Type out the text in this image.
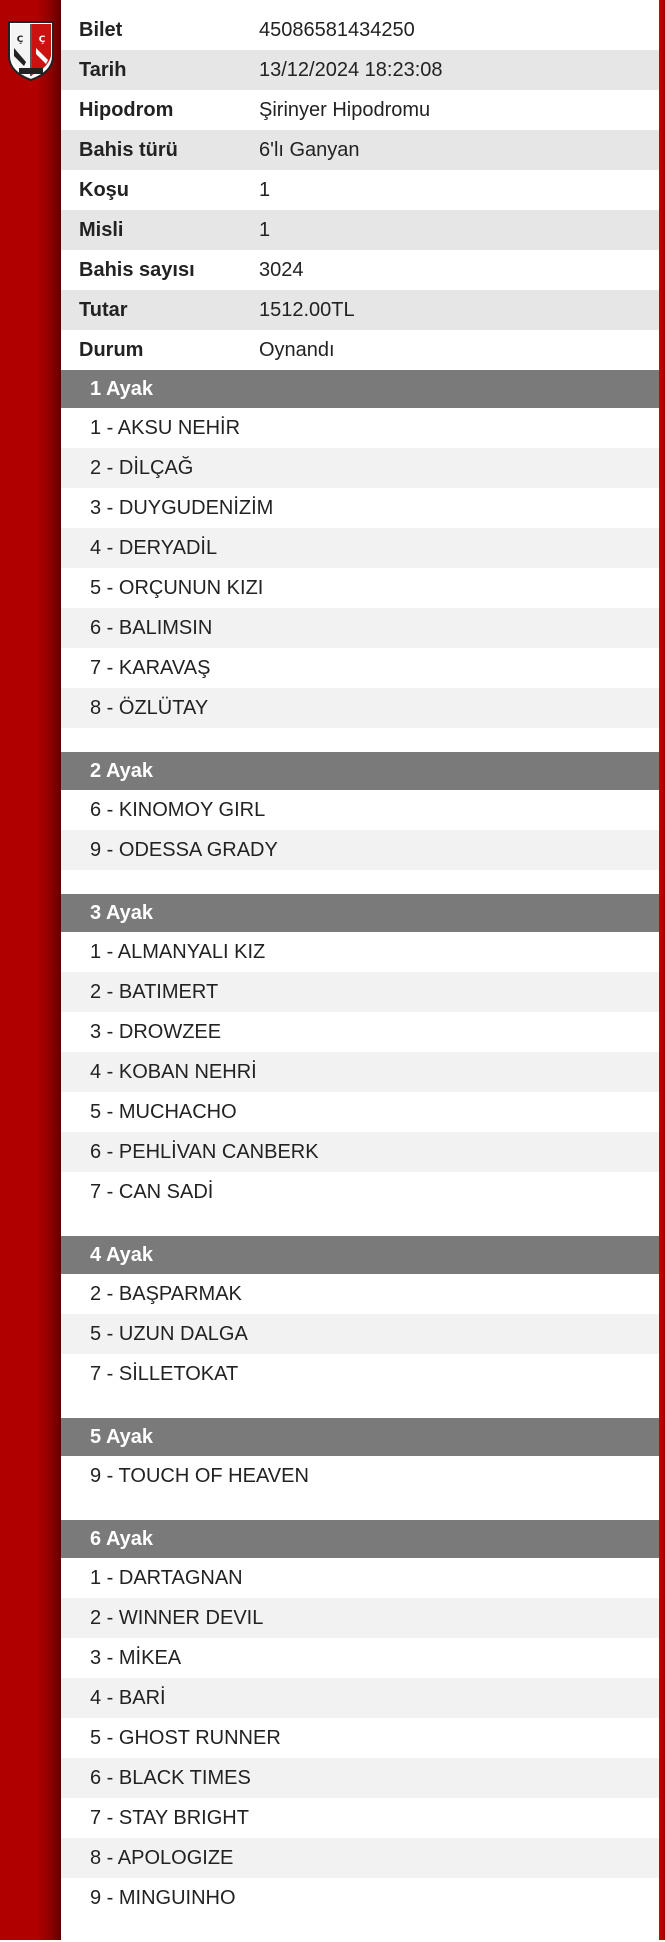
Ç Ç	Bilet	45086581434250
Tarih	13/12/2024 18:23:08
Hipodrom	Şirinyer Hipodromu
Bahis türü	6'lı Ganyan
Koşu	1
Misli	1
Bahis sayısı	3024
Tutar	1512.00TL
Durum	Oynandı
1 Ayak
1 - AKSU NEHİR
2 - DİLÇAĞ
3 - DUYGUDENİZİM
4 - DERYADİL
5 - ORÇUNUN KIZI
6 - BALIMSIN
7 - KARAVAŞ
8 - ÖZLÜTAY
2 Ayak
6 - KINOMOY GIRL
9 - ODESSA GRADY
3 Ayak
1 - ALMANYALI KIZ
2 - BATIMERT
3 - DROWZEE
4 - KOBAN NEHRİ
5 - MUCHACHO
6 - PEHLİVAN CANBERK
7 - CAN SADİ
4 Ayak
2 - BAŞPARMAK
5 - UZUN DALGA
7 - SİLLETOKAT
5 Ayak
9 - TOUCH OF HEAVEN
6 Ayak
1 - DARTAGNAN
2 - WINNER DEVIL
3 - MİKEA
4 - BARİ
5 - GHOST RUNNER
6 - BLACK TIMES
7 - STAY BRIGHT
8 - APOLOGIZE
9 - MINGUINHO
